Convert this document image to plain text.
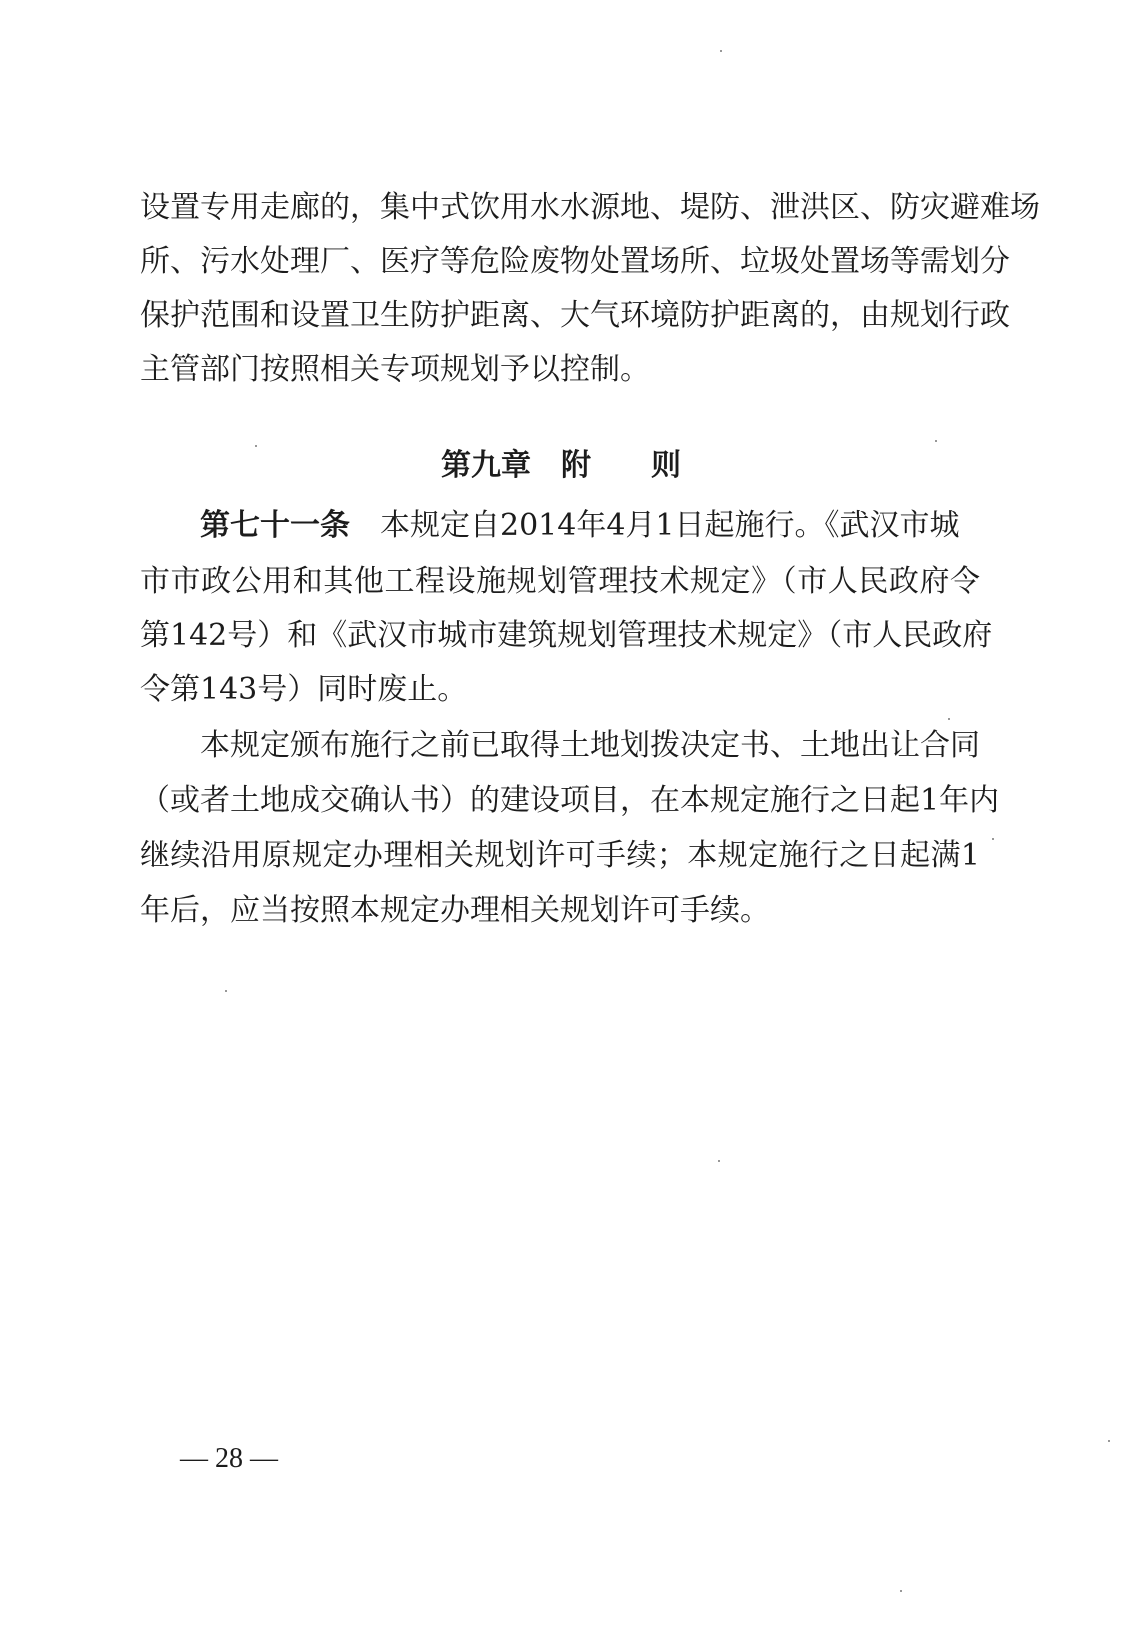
设置专用走廊的，集中式饮用水水源地、堤防、泄洪区、防灾避难场
所、污水处理厂、医疗等危险废物处置场所、垃圾处置场等需划分
保护范围和设置卫生防护距离、大气环境防护距离的，由规划行政
主管部门按照相关专项规划予以控制。
第九章　附　　则
第七十一条　本规定自2014年4月1日起施行。《武汉市城
市市政公用和其他工程设施规划管理技术规定》（市人民政府令
第142号）和《武汉市城市建筑规划管理技术规定》（市人民政府
令第143号）同时废止。
本规定颁布施行之前已取得土地划拨决定书、土地出让合同
（或者土地成交确认书）的建设项目，在本规定施行之日起1年内
继续沿用原规定办理相关规划许可手续；本规定施行之日起满1
年后，应当按照本规定办理相关规划许可手续。
— 28 —
